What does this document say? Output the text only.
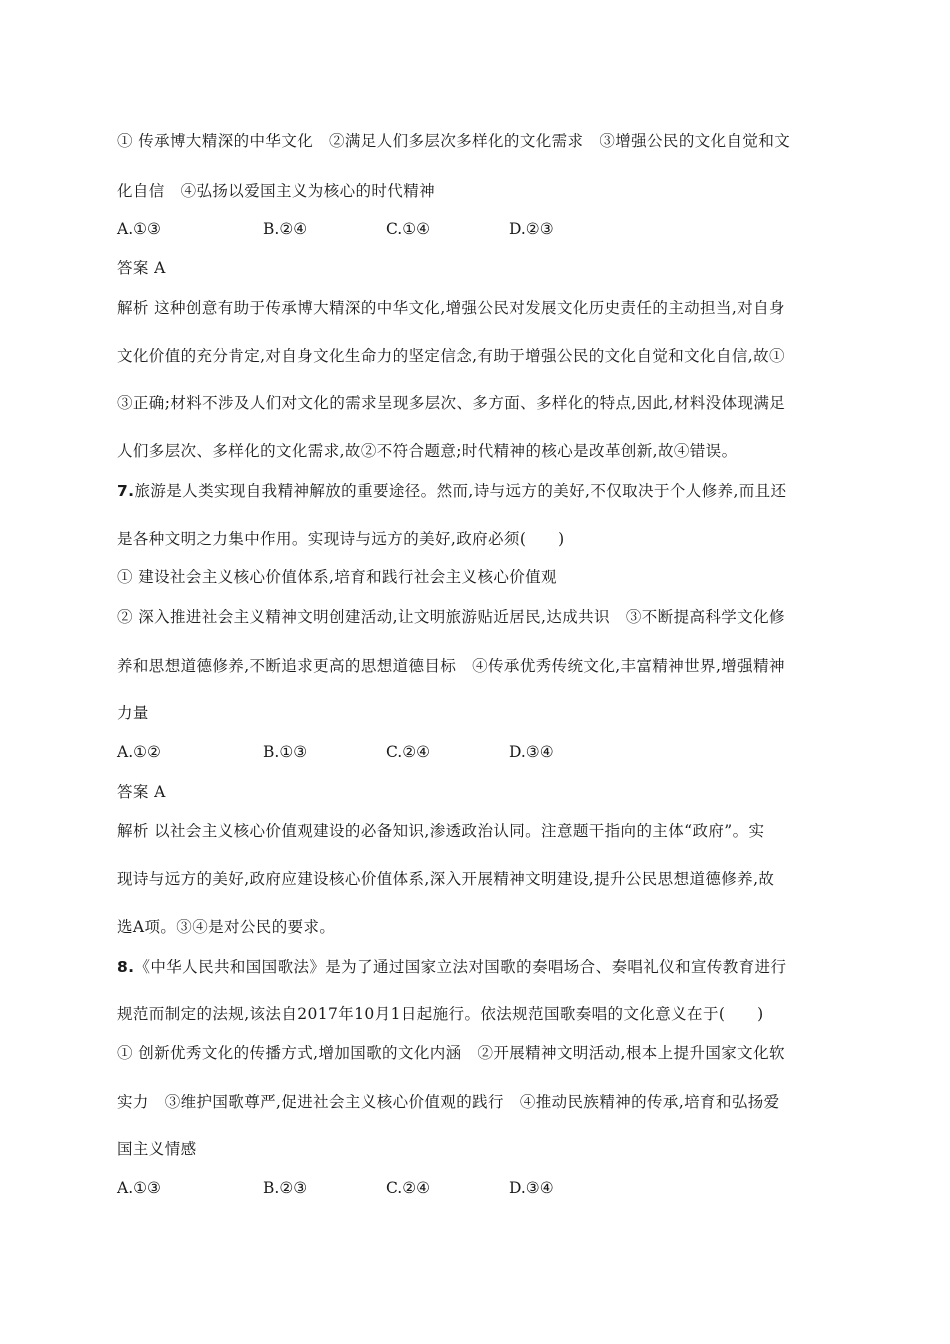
① 传承博大精深的中华文化　②满足人们多层次多样化的文化需求　③增强公民的文化自觉和文
化自信　④弘扬以爱国主义为核心的时代精神
A.①③	B.②④	C.①④	D.②③
答案 A
解析 这种创意有助于传承博大精深的中华文化,增强公民对发展文化历史责任的主动担当,对自身
文化价值的充分肯定,对自身文化生命力的坚定信念,有助于增强公民的文化自觉和文化自信,故①
③正确;材料不涉及人们对文化的需求呈现多层次、多方面、多样化的特点,因此,材料没体现满足
人们多层次、多样化的文化需求,故②不符合题意;时代精神的核心是改革创新,故④错误。
7.旅游是人类实现自我精神解放的重要途径。然而,诗与远方的美好,不仅取决于个人修养,而且还
是各种文明之力集中作用。实现诗与远方的美好,政府必须(　　)
① 建设社会主义核心价值体系,培育和践行社会主义核心价值观
② 深入推进社会主义精神文明创建活动,让文明旅游贴近居民,达成共识　③不断提高科学文化修
养和思想道德修养,不断追求更高的思想道德目标　④传承优秀传统文化,丰富精神世界,增强精神
力量
A.①②	B.①③	C.②④	D.③④
答案 A
解析 以社会主义核心价值观建设的必备知识,渗透政治认同。注意题干指向的主体“政府”。实
现诗与远方的美好,政府应建设核心价值体系,深入开展精神文明建设,提升公民思想道德修养,故
选A项。③④是对公民的要求。
8.《中华人民共和国国歌法》是为了通过国家立法对国歌的奏唱场合、奏唱礼仪和宣传教育进行
规范而制定的法规,该法自2017年10月1日起施行。依法规范国歌奏唱的文化意义在于(　　)
① 创新优秀文化的传播方式,增加国歌的文化内涵　②开展精神文明活动,根本上提升国家文化软
实力　③维护国歌尊严,促进社会主义核心价值观的践行　④推动民族精神的传承,培育和弘扬爱
国主义情感
A.①③	B.②③	C.②④	D.③④
